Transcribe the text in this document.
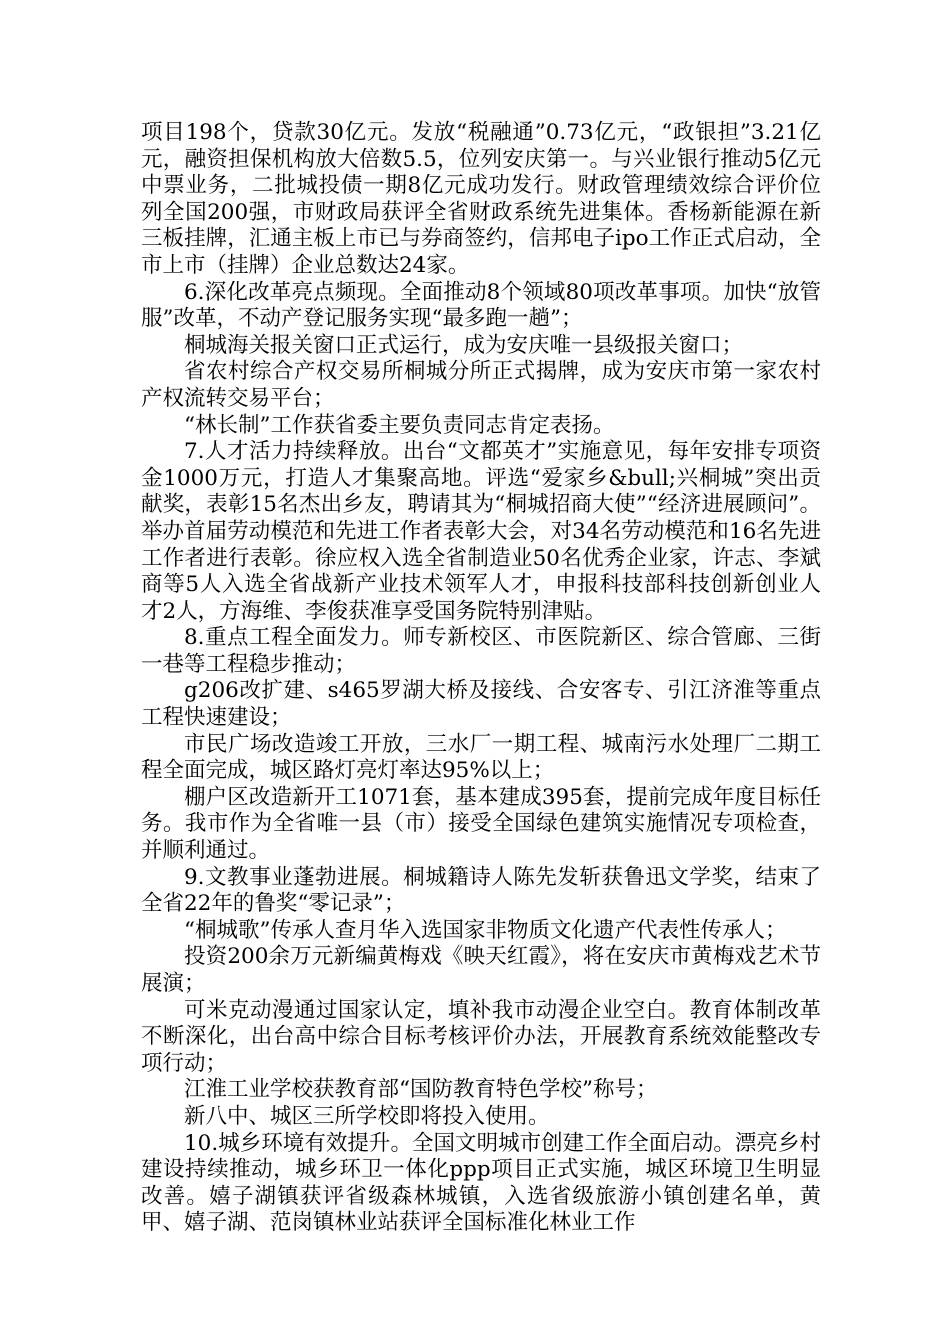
项目198个，贷款30亿元。发放“税融通”0.73亿元，“政银担”3.21亿元，融资担保机构放大倍数5.5，位列安庆第一。与兴业银行推动5亿元中票业务，二批城投债一期8亿元成功发行。财政管理绩效综合评价位列全国200强，市财政局获评全省财政系统先进集体。香杨新能源在新三板挂牌，汇通主板上市已与券商签约，信邦电子ipo工作正式启动，全市上市（挂牌）企业总数达24家。

6.深化改革亮点频现。全面推动8个领域80项改革事项。加快“放管服”改革，不动产登记服务实现“最多跑一趟”；

桐城海关报关窗口正式运行，成为安庆唯一县级报关窗口；

省农村综合产权交易所桐城分所正式揭牌，成为安庆市第一家农村产权流转交易平台；

“林长制”工作获省委主要负责同志肯定表扬。

7.人才活力持续释放。出台“文都英才”实施意见，每年安排专项资金1000万元，打造人才集聚高地。评选“爱家乡&bull;兴桐城”突出贡献奖，表彰15名杰出乡友，聘请其为“桐城招商大使”“经济进展顾问”。举办首届劳动模范和先进工作者表彰大会，对34名劳动模范和16名先进工作者进行表彰。徐应权入选全省制造业50名优秀企业家，许志、李斌商等5人入选全省战新产业技术领军人才，申报科技部科技创新创业人才2人，方海维、李俊获准享受国务院特别津贴。

8.重点工程全面发力。师专新校区、市医院新区、综合管廊、三街一巷等工程稳步推动；

g206改扩建、s465罗湖大桥及接线、合安客专、引江济淮等重点工程快速建设；

市民广场改造竣工开放，三水厂一期工程、城南污水处理厂二期工程全面完成，城区路灯亮灯率达95%以上；

棚户区改造新开工1071套，基本建成395套，提前完成年度目标任务。我市作为全省唯一县（市）接受全国绿色建筑实施情况专项检查，并顺利通过。

9.文教事业蓬勃进展。桐城籍诗人陈先发斩获鲁迅文学奖，结束了全省22年的鲁奖“零记录”；

“桐城歌”传承人查月华入选国家非物质文化遗产代表性传承人；

投资200余万元新编黄梅戏《映天红霞》，将在安庆市黄梅戏艺术节展演；

可米克动漫通过国家认定，填补我市动漫企业空白。教育体制改革不断深化，出台高中综合目标考核评价办法，开展教育系统效能整改专项行动；

江淮工业学校获教育部“国防教育特色学校”称号；

新八中、城区三所学校即将投入使用。

10.城乡环境有效提升。全国文明城市创建工作全面启动。漂亮乡村建设持续推动，城乡环卫一体化ppp项目正式实施，城区环境卫生明显改善。嬉子湖镇获评省级森林城镇，入选省级旅游小镇创建名单，黄甲、嬉子湖、范岗镇林业站获评全国标准化林业工作
